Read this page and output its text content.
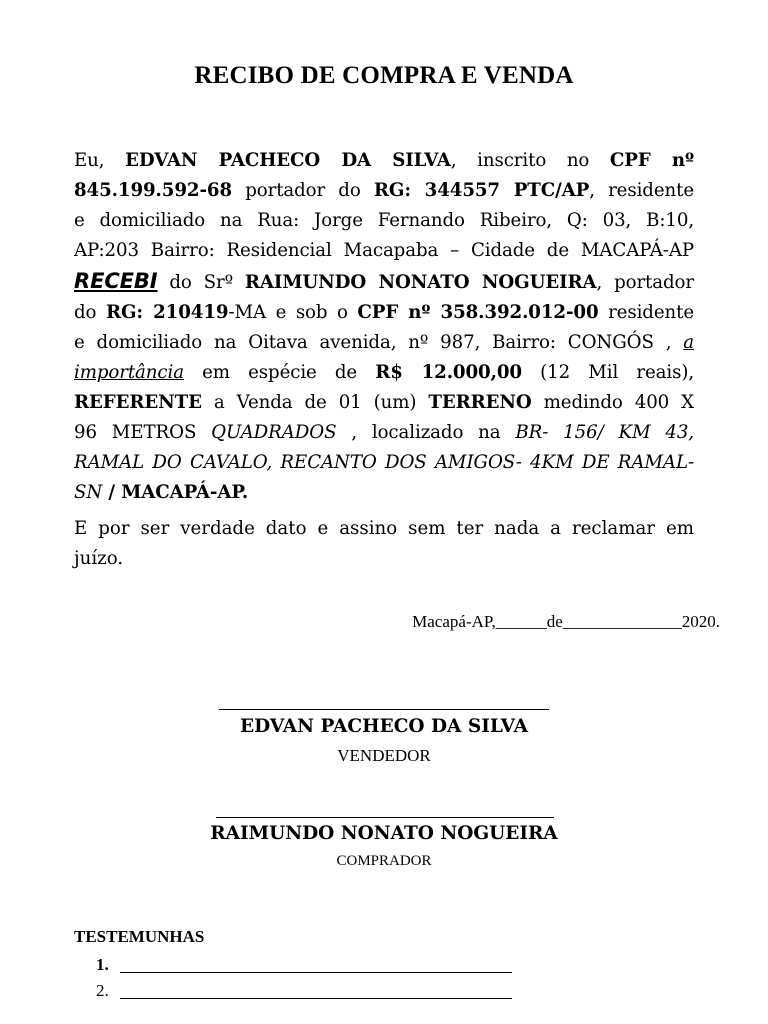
RECIBO DE COMPRA E VENDA
Eu, EDVAN PACHECO DA SILVA, inscrito no CPF nº
845.199.592-68 portador do RG: 344557 PTC/AP, residente
e domiciliado na Rua: Jorge Fernando Ribeiro, Q: 03, B:10,
AP:203 Bairro: Residencial Macapaba – Cidade de MACAPÁ-AP
RECEBI do Srº RAIMUNDO NONATO NOGUEIRA, portador
do RG: 210419-MA e sob o CPF nº 358.392.012-00 residente
e domiciliado na Oitava avenida, nº 987, Bairro: CONGÓS , a
importância em espécie de R$ 12.000,00 (12 Mil reais),
REFERENTE a Venda de 01 (um) TERRENO medindo 400 X
96 METROS QUADRADOS , localizado na BR- 156/ KM 43,
RAMAL DO CAVALO, RECANTO DOS AMIGOS- 4KM DE RAMAL-
SN / MACAPÁ-AP.
E por ser verdade dato e assino sem ter nada a reclamar em
juízo.
Macapá-AP,______de______________2020.
EDVAN PACHECO DA SILVA
VENDEDOR
RAIMUNDO NONATO NOGUEIRA
COMPRADOR
TESTEMUNHAS
1.
2.
